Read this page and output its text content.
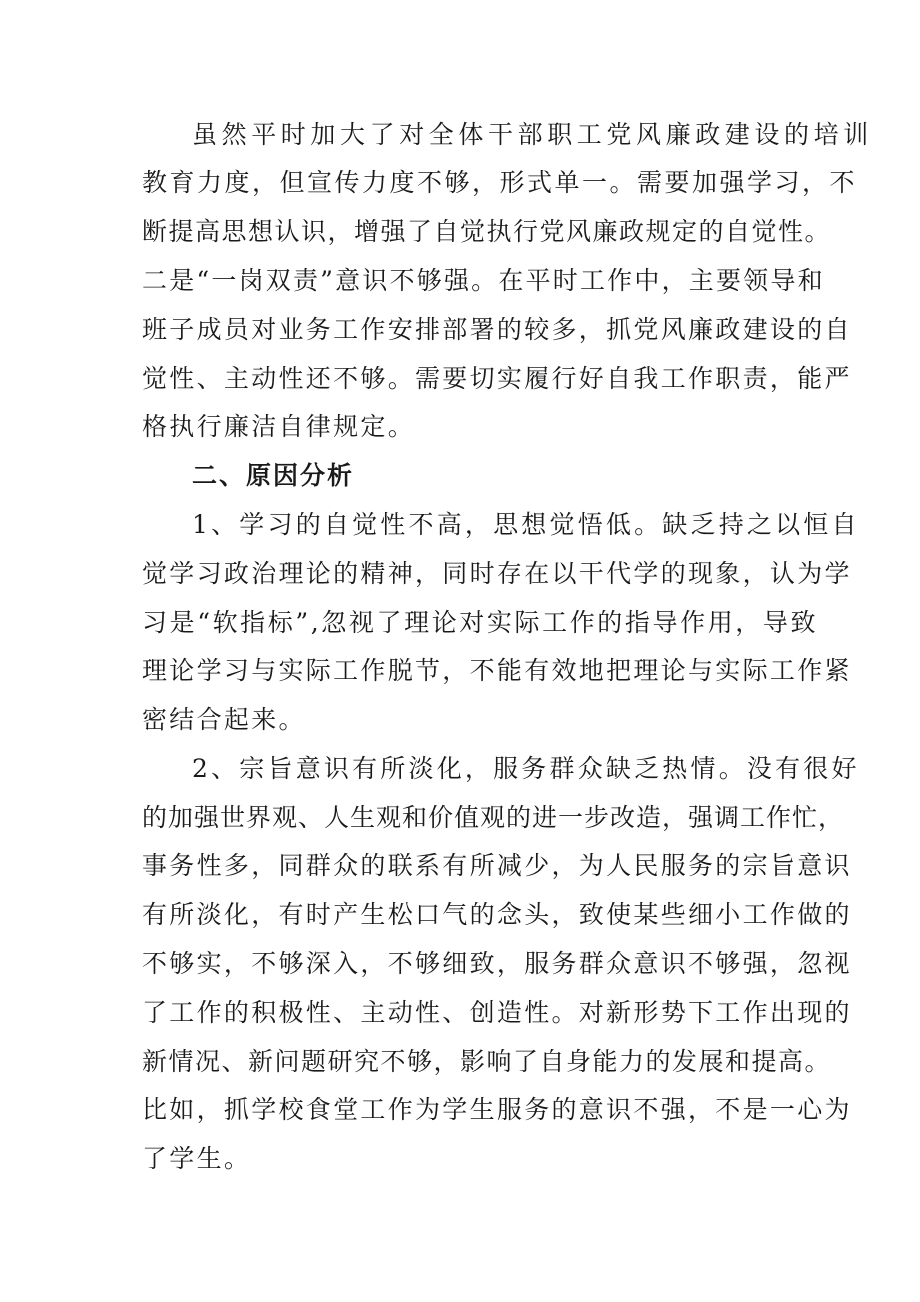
虽然平时加大了对全体干部职工党风廉政建设的培训
教育力度，但宣传力度不够，形式单一。需要加强学习，不
断提高思想认识，增强了自觉执行党风廉政规定的自觉性。
二是“一岗双责”意识不够强。在平时工作中，主要领导和
班子成员对业务工作安排部署的较多，抓党风廉政建设的自
觉性、主动性还不够。需要切实履行好自我工作职责，能严
格执行廉洁自律规定。
二、原因分析
1、学习的自觉性不高，思想觉悟低。缺乏持之以恒自
觉学习政治理论的精神，同时存在以干代学的现象，认为学
习是“软指标”,忽视了理论对实际工作的指导作用，导致
理论学习与实际工作脱节，不能有效地把理论与实际工作紧
密结合起来。
2、宗旨意识有所淡化，服务群众缺乏热情。没有很好
的加强世界观、人生观和价值观的进一步改造，强调工作忙，
事务性多，同群众的联系有所减少，为人民服务的宗旨意识
有所淡化，有时产生松口气的念头，致使某些细小工作做的
不够实，不够深入，不够细致，服务群众意识不够强，忽视
了工作的积极性、主动性、创造性。对新形势下工作出现的
新情况、新问题研究不够，影响了自身能力的发展和提高。
比如，抓学校食堂工作为学生服务的意识不强，不是一心为
了学生。
